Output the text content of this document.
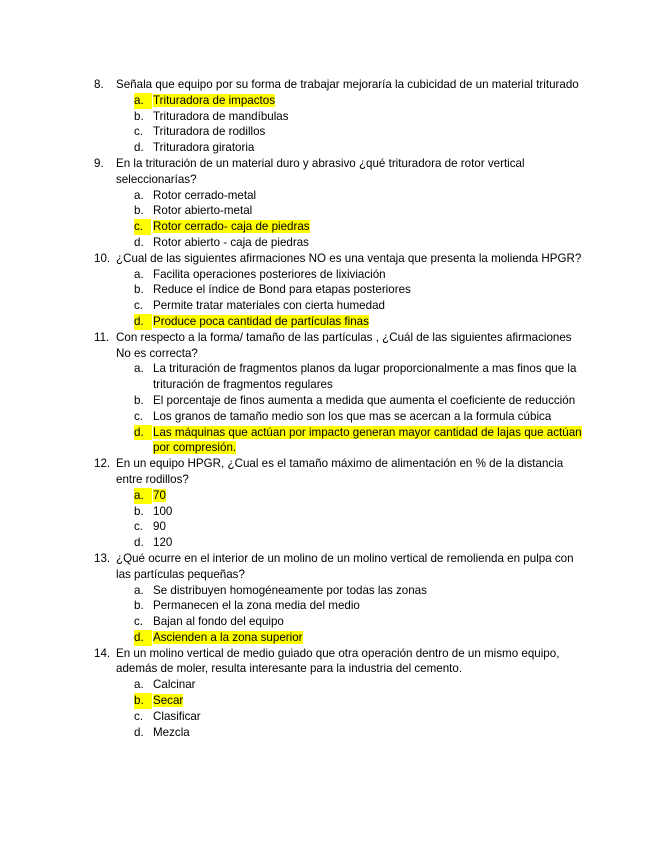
8.	Señala que equipo por su forma de trabajar mejoraría la cubicidad de un material triturado
a. Trituradora de impactos
b. Trituradora de mandíbulas
c. Trituradora de rodillos
d. Trituradora giratoria
9.	En la trituración de un material duro y abrasivo ¿qué trituradora de rotor vertical seleccionarías?
a. Rotor cerrado-metal
b. Rotor abierto-metal
c. Rotor cerrado- caja de piedras
d. Rotor abierto - caja de piedras
10. ¿Cual de las siguientes afirmaciones NO es una ventaja que presenta la molienda HPGR?
a. Facilita operaciones posteriores de lixiviación
b. Reduce el índice de Bond para etapas posteriores
c. Permite tratar materiales con cierta humedad
d. Produce poca cantidad de partículas finas
11. Con respecto a la forma/ tamaño de las partículas , ¿Cuál de las siguientes afirmaciones No es correcta?
a. La trituración de fragmentos planos da lugar proporcionalmente a mas finos que la trituración de fragmentos regulares
b. El porcentaje de finos aumenta a medida que aumenta el coeficiente de reducción
c. Los granos de tamaño medio son los que mas se acercan a la formula cúbica
d. Las máquinas que actúan por impacto generan mayor cantidad de lajas que actúan por compresión.
12. En un equipo HPGR, ¿Cual es el tamaño máximo de alimentación en % de la distancia entre rodillos?
a. 70
b. 100
c. 90
d. 120
13. ¿Qué ocurre en el interior de un molino de un molino vertical de remolienda en pulpa con las partículas pequeñas?
a. Se distribuyen homogéneamente por todas las zonas
b. Permanecen el la zona media del medio
c. Bajan al fondo del equipo
d. Ascienden a la zona superior
14. En un molino vertical de medio guiado que otra operación dentro de un mismo equipo, además de moler, resulta interesante para la industria del cemento.
a. Calcinar
b. Secar
c. Clasificar
d. Mezcla
